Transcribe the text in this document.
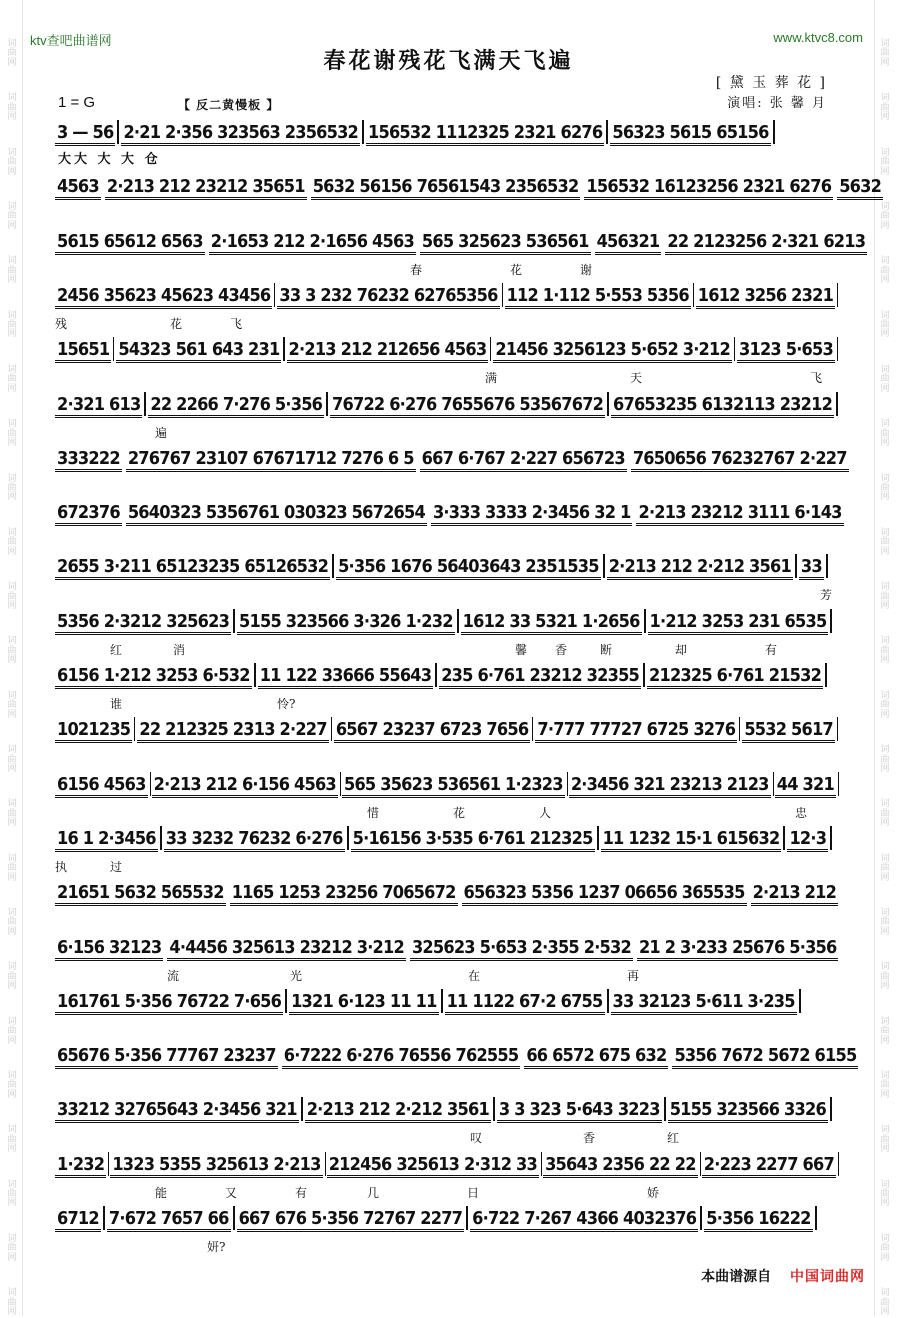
词
曲
网
词
曲
网
词
曲
网
词
曲
网
词
曲
网
词
曲
网
词
曲
网
词
曲
网
词
曲
网
词
曲
网
词
曲
网
词
曲
网
词
曲
网
词
曲
网
词
曲
网
词
曲
网
词
曲
网
词
曲
网
词
曲
网
词
曲
网
词
曲
网
词
曲
网
词
曲
网
词
曲
网
词
曲
网
词
曲
网
词
曲
网
词
曲
网
词
曲
网
词
曲
网
词
曲
网
词
曲
网
词
曲
网
词
曲
网
词
曲
网
词
曲
网
词
曲
网
词
曲
网
词
曲
网
词
曲
网
词
曲
网
词
曲
网
词
曲
网
词
曲
网
词
曲
网
词
曲
网
词
曲
网
词
曲
网
ktv查吧曲谱网	www.ktvc8.com
春花谢残花飞满天飞遍
[ 黛 玉 葬 花 ]
演唱: 张 馨 月
1 = G	【 反二黄慢板 】
大大 大 大 仓
3 — 56 2·21 2·356 323563 2356532 156532 1112325 2321 6276 56323 5615 65156
4563 2·213 212 23212 35651 5632 56156 76561543 2356532 156532 16123256 2321 6276 5632
5615 65612 6563 2·1653 212 2·1656 4563 565 325623 536561 456321 22 2123256 2·321 6213
春	花	谢
2456 35623 45623 43456 33 3 232 76232 62765356 112 1·112 5·553 5356 1612 3256 2321
残	花	飞
15651 54323 561 643 231 2·213 212 212656 4563 21456 3256123 5·652 3·212 3123 5·653
满	天	飞
2·321 613 22 2266 7·276 5·356 76722 6·276 7655676 53567672 67653235 6132113 23212
遍
333222 276767 23107 67671712 7276 6 5 667 6·767 2·227 656723 7650656 76232767 2·227
672376 5640323 5356761 030323 5672654 3·333 3333 2·3456 32 1 2·213 23212 3111 6·143
2655 3·211 65123235 65126532 5·356 1676 56403643 2351535 2·213 212 2·212 3561 33
芳
5356 2·3212 325623 5155 323566 3·326 1·232 1612 33 5321 1·2656 1·212 3253 231 6535
红	消	馨 香	断	却	有
6156 1·212 3253 6·532 11 122 33666 55643 235 6·761 23212 32355 212325 6·761 21532
谁	怜?
1021235 22 212325 2313 2·227 6567 23237 6723 7656 7·777 77727 6725 3276 5532 5617
6156 4563 2·213 212 6·156 4563 565 35623 536561 1·2323 2·3456 321 23213 2123 44 321
惜	花	人	忠
16 1 2·3456 33 3232 76232 6·276 5·16156 3·535 6·761 212325 11 1232 15·1 615632 12·3
执	过
21651 5632 565532 1165 1253 23256 7065672 656323 5356 1237 06656 365535 2·213 212
6·156 32123 4·4456 325613 23212 3·212 325623 5·653 2·355 2·532 21 2 3·233 25676 5·356
流	光	在	再
161761 5·356 76722 7·656 1321 6·123 11 11 11 1122 67·2 6755 33 32123 5·611 3·235
65676 5·356 77767 23237 6·7222 6·276 76556 762555 66 6572 675 632 5356 7672 5672 6155
33212 32765643 2·3456 321 2·213 212 2·212 3561 3 3 323 5·643 3223 5155 323566 3326
叹	香	红
1·232 1323 5355 325613 2·213 212456 325613 2·312 33 35643 2356 22 22 2·223 2277 667
能	又	有	几	日	娇
6712 7·672 7657 66 667 676 5·356 72767 2277 6·722 7·267 4366 4032376 5·356 16222
妍?
本曲谱源自 中国词曲网
